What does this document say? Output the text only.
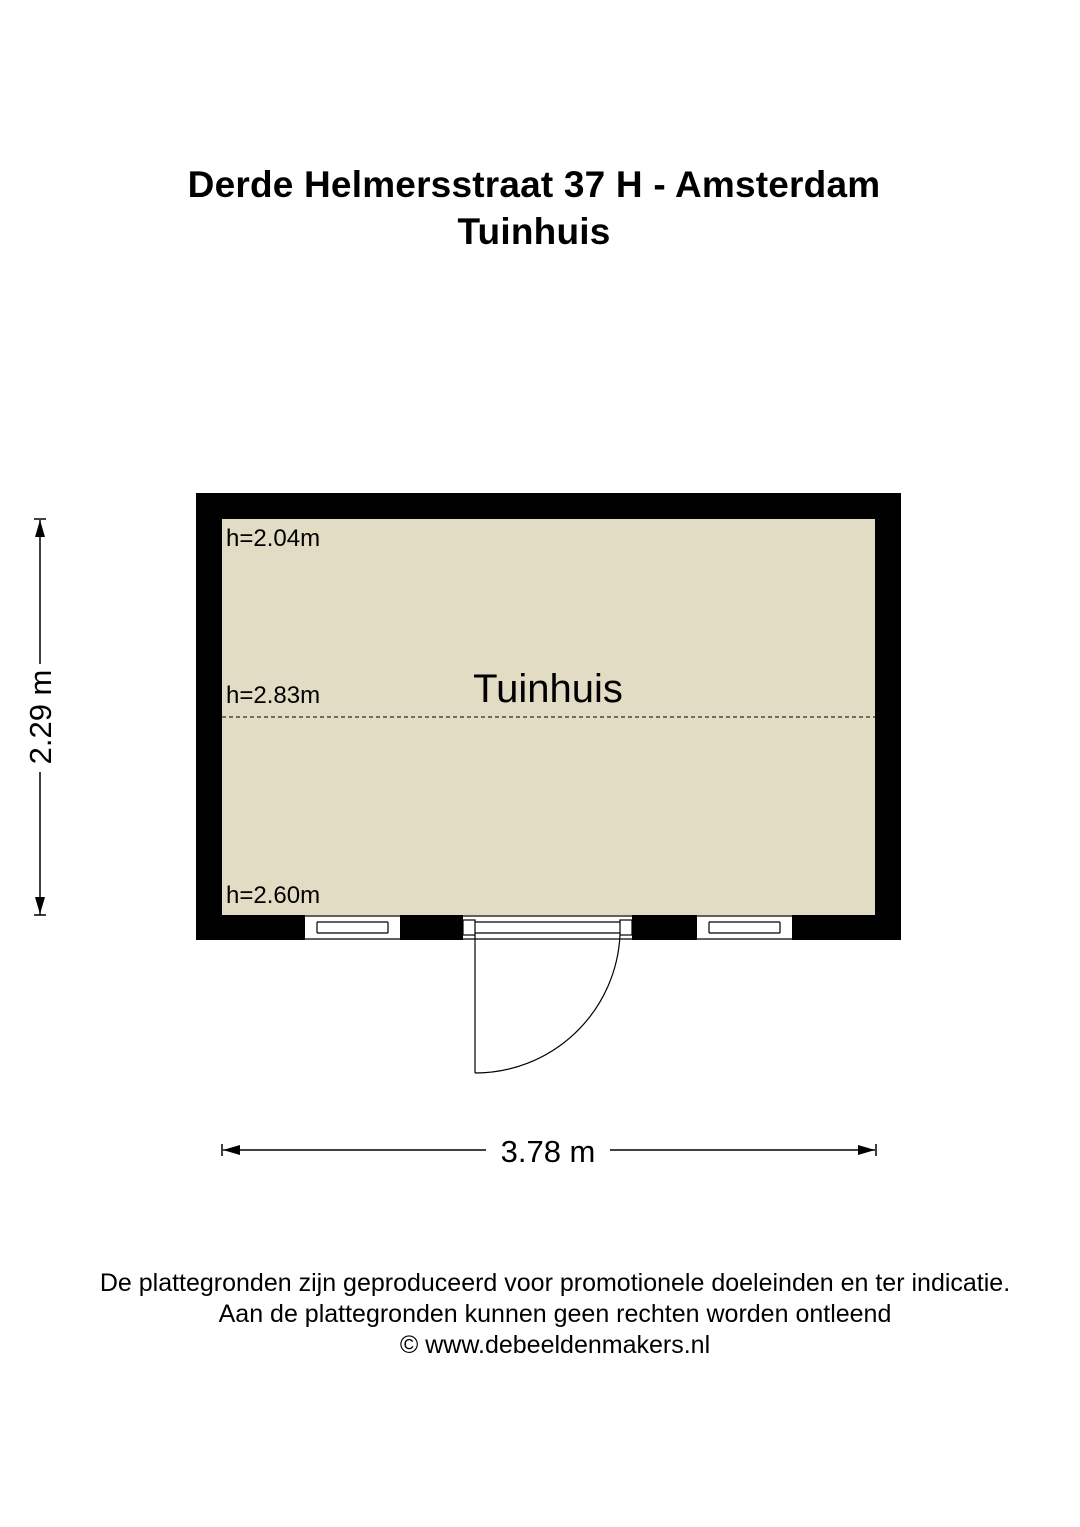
Derde Helmersstraat 37 H - Amsterdam
Tuinhuis
h=2.04m
h=2.83m
h=2.60m
Tuinhuis
2.29 m
3.78 m
De plattegronden zijn geproduceerd voor promotionele doeleinden en ter indicatie.
Aan de plattegronden kunnen geen rechten worden ontleend
© www.debeeldenmakers.nl
